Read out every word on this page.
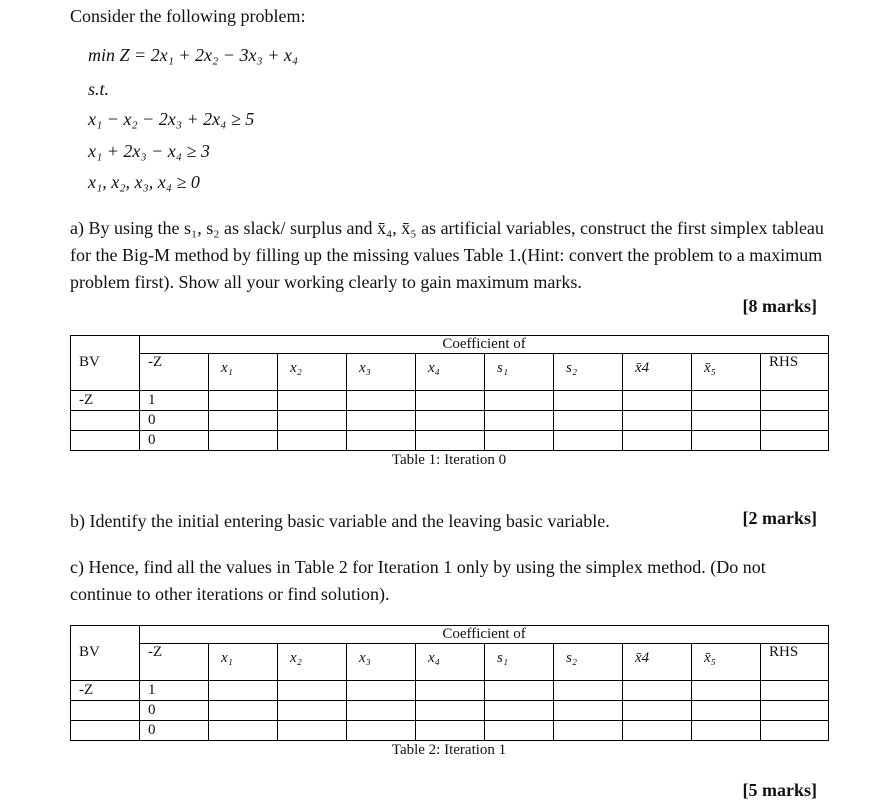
Consider the following problem:
min Z = 2x₁ + 2x₂ − 3x₃ + x₄
s.t.
x₁ − x₂ − 2x₃ + 2x₄ ≥ 5
x₁ + 2x₃ − x₄ ≥ 3
x₁, x₂, x₃, x₄ ≥ 0
a) By using the s₁, s₂ as slack/ surplus and x̄₄, x̄₅ as artificial variables, construct the first simplex tableau for the Big-M method by filling up the missing values Table 1.(Hint: convert the problem to a maximum problem first). Show all your working clearly to gain maximum marks.
[8 marks]
	Coefficient of									
BV	-Z	x₁	x₂	x₃	x₄	s₁	s₂	x̄4	x̄₅	RHS
-Z	1									
	0									
	0									
Table 1: Iteration 0
b) Identify the initial entering basic variable and the leaving basic variable.	[2 marks]
c) Hence, find all the values in Table 2 for Iteration 1 only by using the simplex method. (Do not continue to other iterations or find solution).
	Coefficient of									
BV	-Z	x₁	x₂	x₃	x₄	s₁	s₂	x̄4	x̄₅	RHS
-Z	1									
	0									
	0									
Table 2: Iteration 1
[5 marks]
